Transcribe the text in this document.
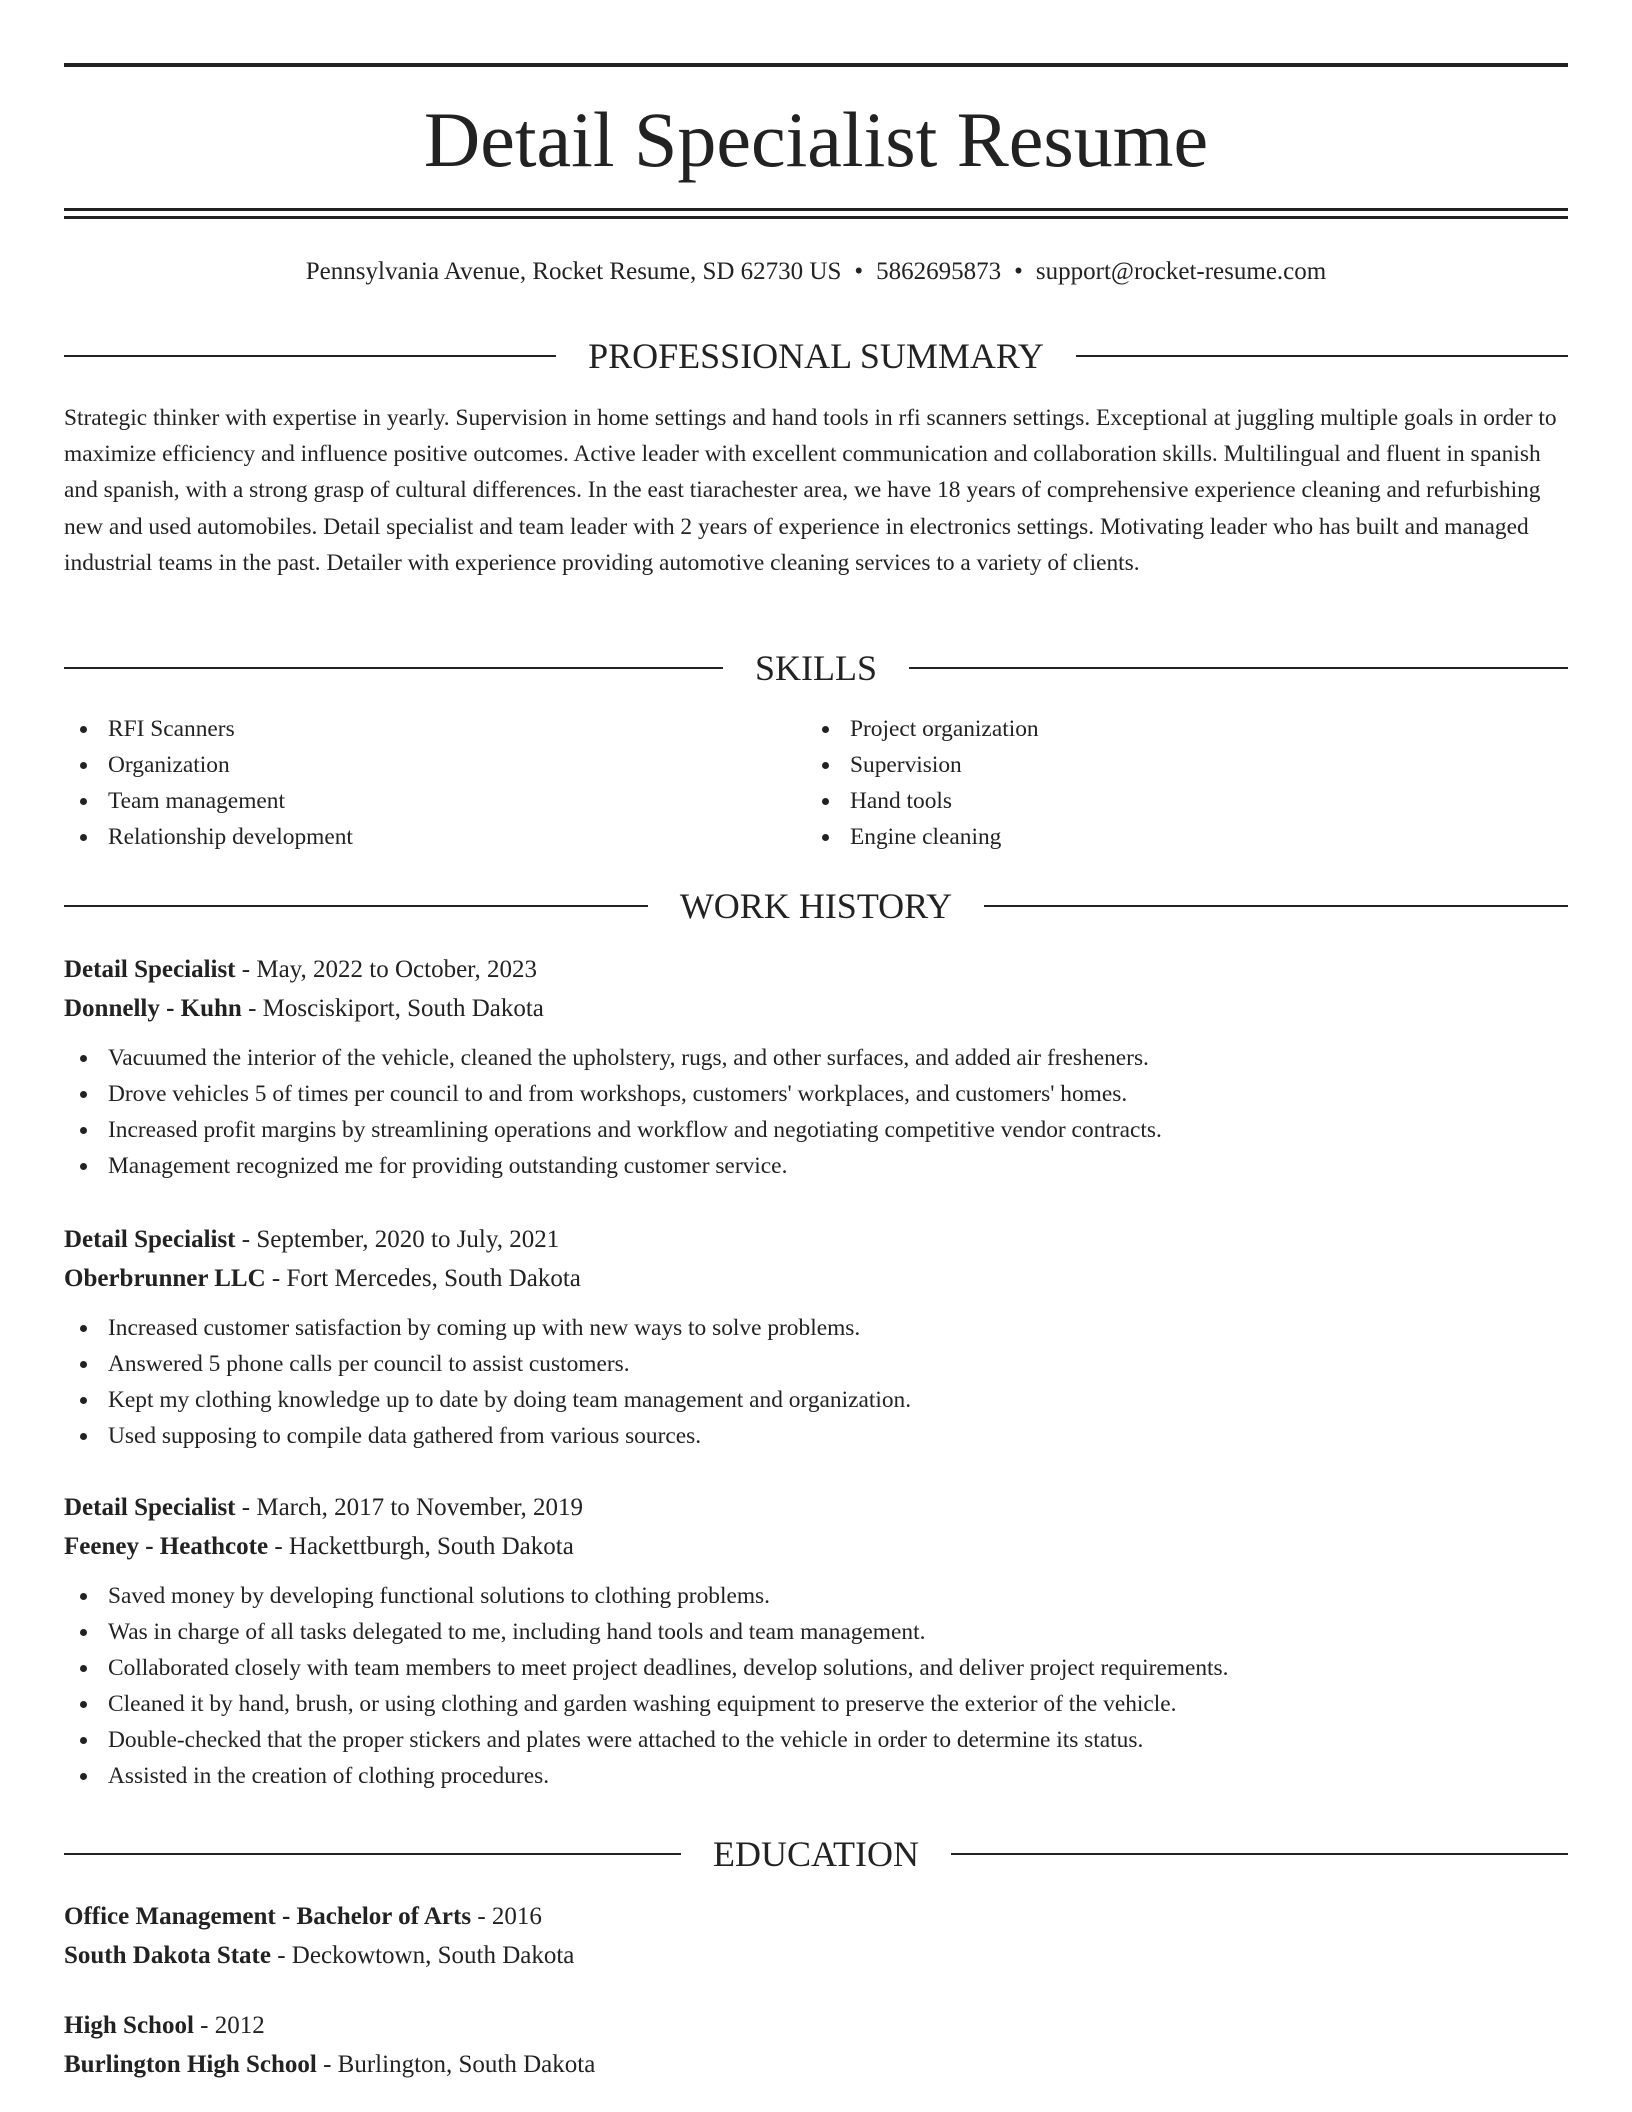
Detail Specialist Resume
Pennsylvania Avenue, Rocket Resume, SD 62730 US • 5862695873 • support@rocket-resume.com
PROFESSIONAL SUMMARY

Strategic thinker with expertise in yearly. Supervision in home settings and hand tools in rfi scanners settings. Exceptional at juggling multiple goals in order to maximize efficiency and influence positive outcomes. Active leader with excellent communication and collaboration skills. Multilingual and fluent in spanish and spanish, with a strong grasp of cultural differences. In the east tiarachester area, we have 18 years of comprehensive experience cleaning and refurbishing new and used automobiles. Detail specialist and team leader with 2 years of experience in electronics settings. Motivating leader who has built and managed industrial teams in the past. Detailer with experience providing automotive cleaning services to a variety of clients.

SKILLS
RFI Scanners
Organization
Team management
Relationship development
Project organization
Supervision
Hand tools
Engine cleaning
WORK HISTORY
Detail Specialist - May, 2022 to October, 2023
Donnelly - Kuhn - Mosciskiport, South Dakota
Vacuumed the interior of the vehicle, cleaned the upholstery, rugs, and other surfaces, and added air fresheners.
Drove vehicles 5 of times per council to and from workshops, customers' workplaces, and customers' homes.
Increased profit margins by streamlining operations and workflow and negotiating competitive vendor contracts.
Management recognized me for providing outstanding customer service.
Detail Specialist - September, 2020 to July, 2021
Oberbrunner LLC - Fort Mercedes, South Dakota
Increased customer satisfaction by coming up with new ways to solve problems.
Answered 5 phone calls per council to assist customers.
Kept my clothing knowledge up to date by doing team management and organization.
Used supposing to compile data gathered from various sources.
Detail Specialist - March, 2017 to November, 2019
Feeney - Heathcote - Hackettburgh, South Dakota
Saved money by developing functional solutions to clothing problems.
Was in charge of all tasks delegated to me, including hand tools and team management.
Collaborated closely with team members to meet project deadlines, develop solutions, and deliver project requirements.
Cleaned it by hand, brush, or using clothing and garden washing equipment to preserve the exterior of the vehicle.
Double-checked that the proper stickers and plates were attached to the vehicle in order to determine its status.
Assisted in the creation of clothing procedures.
EDUCATION
Office Management - Bachelor of Arts - 2016
South Dakota State - Deckowtown, South Dakota
High School - 2012
Burlington High School - Burlington, South Dakota
